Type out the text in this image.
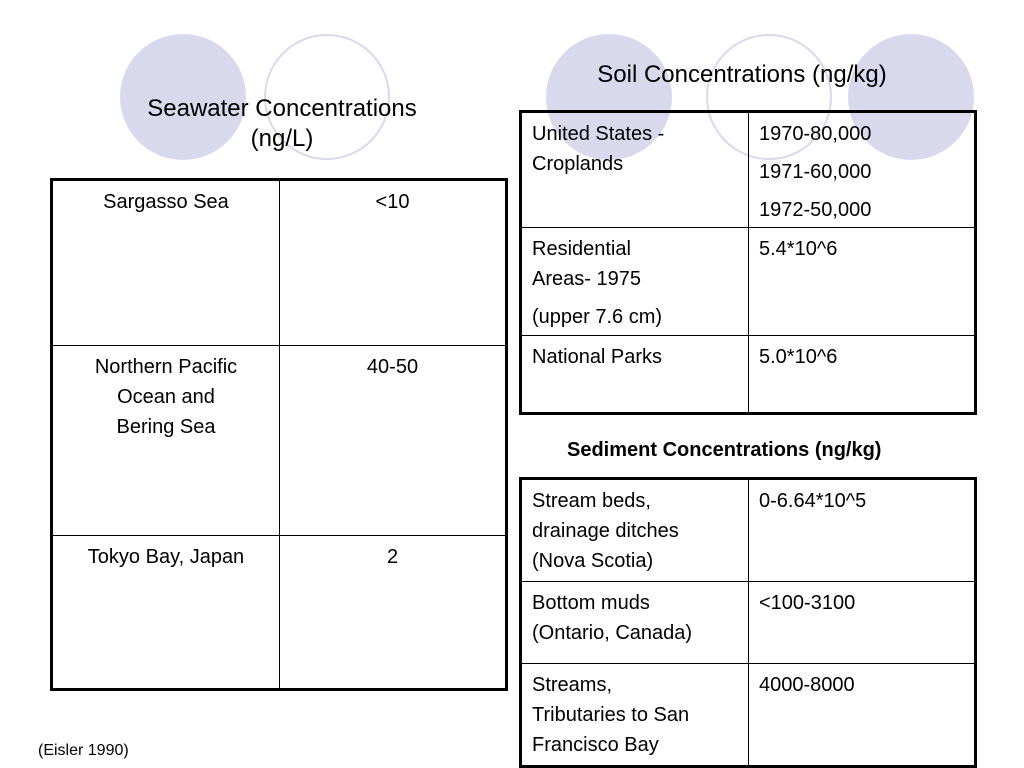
Seawater Concentrations
(ng/L)
Sargasso Sea	<10

Northern Pacific
Ocean and
Bering Sea	40-50

Tokyo Bay, Japan	2
Soil Concentrations (ng/kg)
United States -
Croplands	1970-80,000
1971-60,000
1972-50,000

Residential
Areas- 1975
(upper 7.6 cm)	5.4*10^6

National Parks	5.0*10^6
Sediment Concentrations (ng/kg)
Stream beds,
drainage ditches
(Nova Scotia)	0-6.64*10^5

Bottom muds
(Ontario, Canada)	<100-3100

Streams,
Tributaries to San
Francisco Bay	4000-8000

(Eisler 1990)
